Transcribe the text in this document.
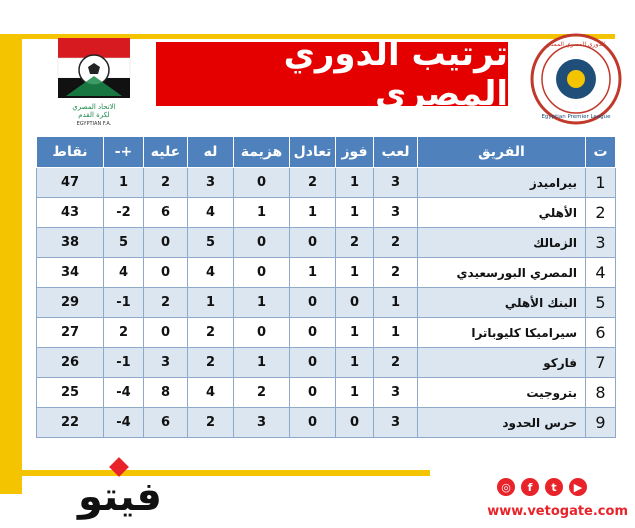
الاتحاد المصري
لكرة القدم
EGYPTIAN F.A.
الدوري المصري الممتاز
Egyptian Premier League
ترتيب الدوري المصري
ت	الفريق	لعب	فوز	تعادل	هزيمة	له	عليه	+-	نقاط
1	بيراميدز	3	1	2	0	3	2	1	47
2	الأهلي	3	1	1	1	4	6	2-	43
3	الزمالك	2	2	0	0	5	0	5	38
4	المصري البورسعيدي	2	1	1	0	4	0	4	34
5	البنك الأهلي	1	0	0	1	1	2	1-	29
6	سيراميكا كليوباترا	1	1	0	0	2	0	2	27
7	فاركو	2	1	0	1	2	3	1-	26
8	بتروجيت	3	1	0	2	4	8	4-	25
9	حرس الحدود	3	0	0	3	2	6	4-	22
فيتو	◎	f	t	▶
www.vetogate.com
